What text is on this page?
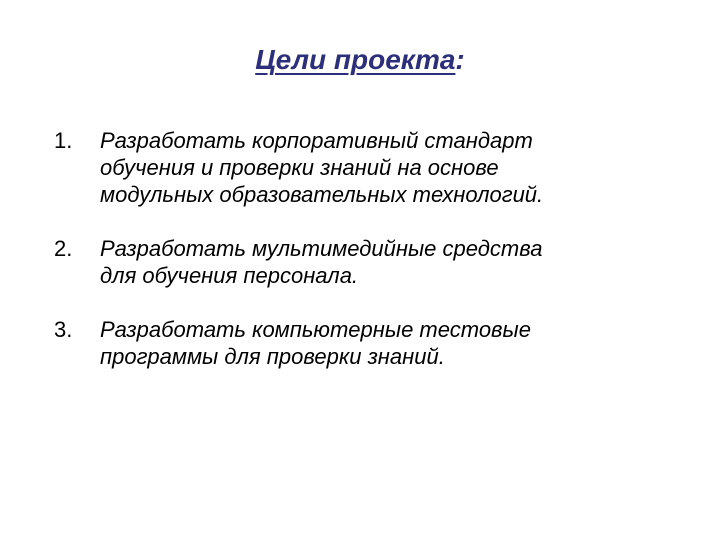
Цели проекта:
1. Разработать корпоративный стандарт
обучения и проверки знаний на основе
модульных образовательных технологий.
2. Разработать мультимедийные средства
для обучения персонала.
3. Разработать компьютерные тестовые
программы для проверки знаний.
